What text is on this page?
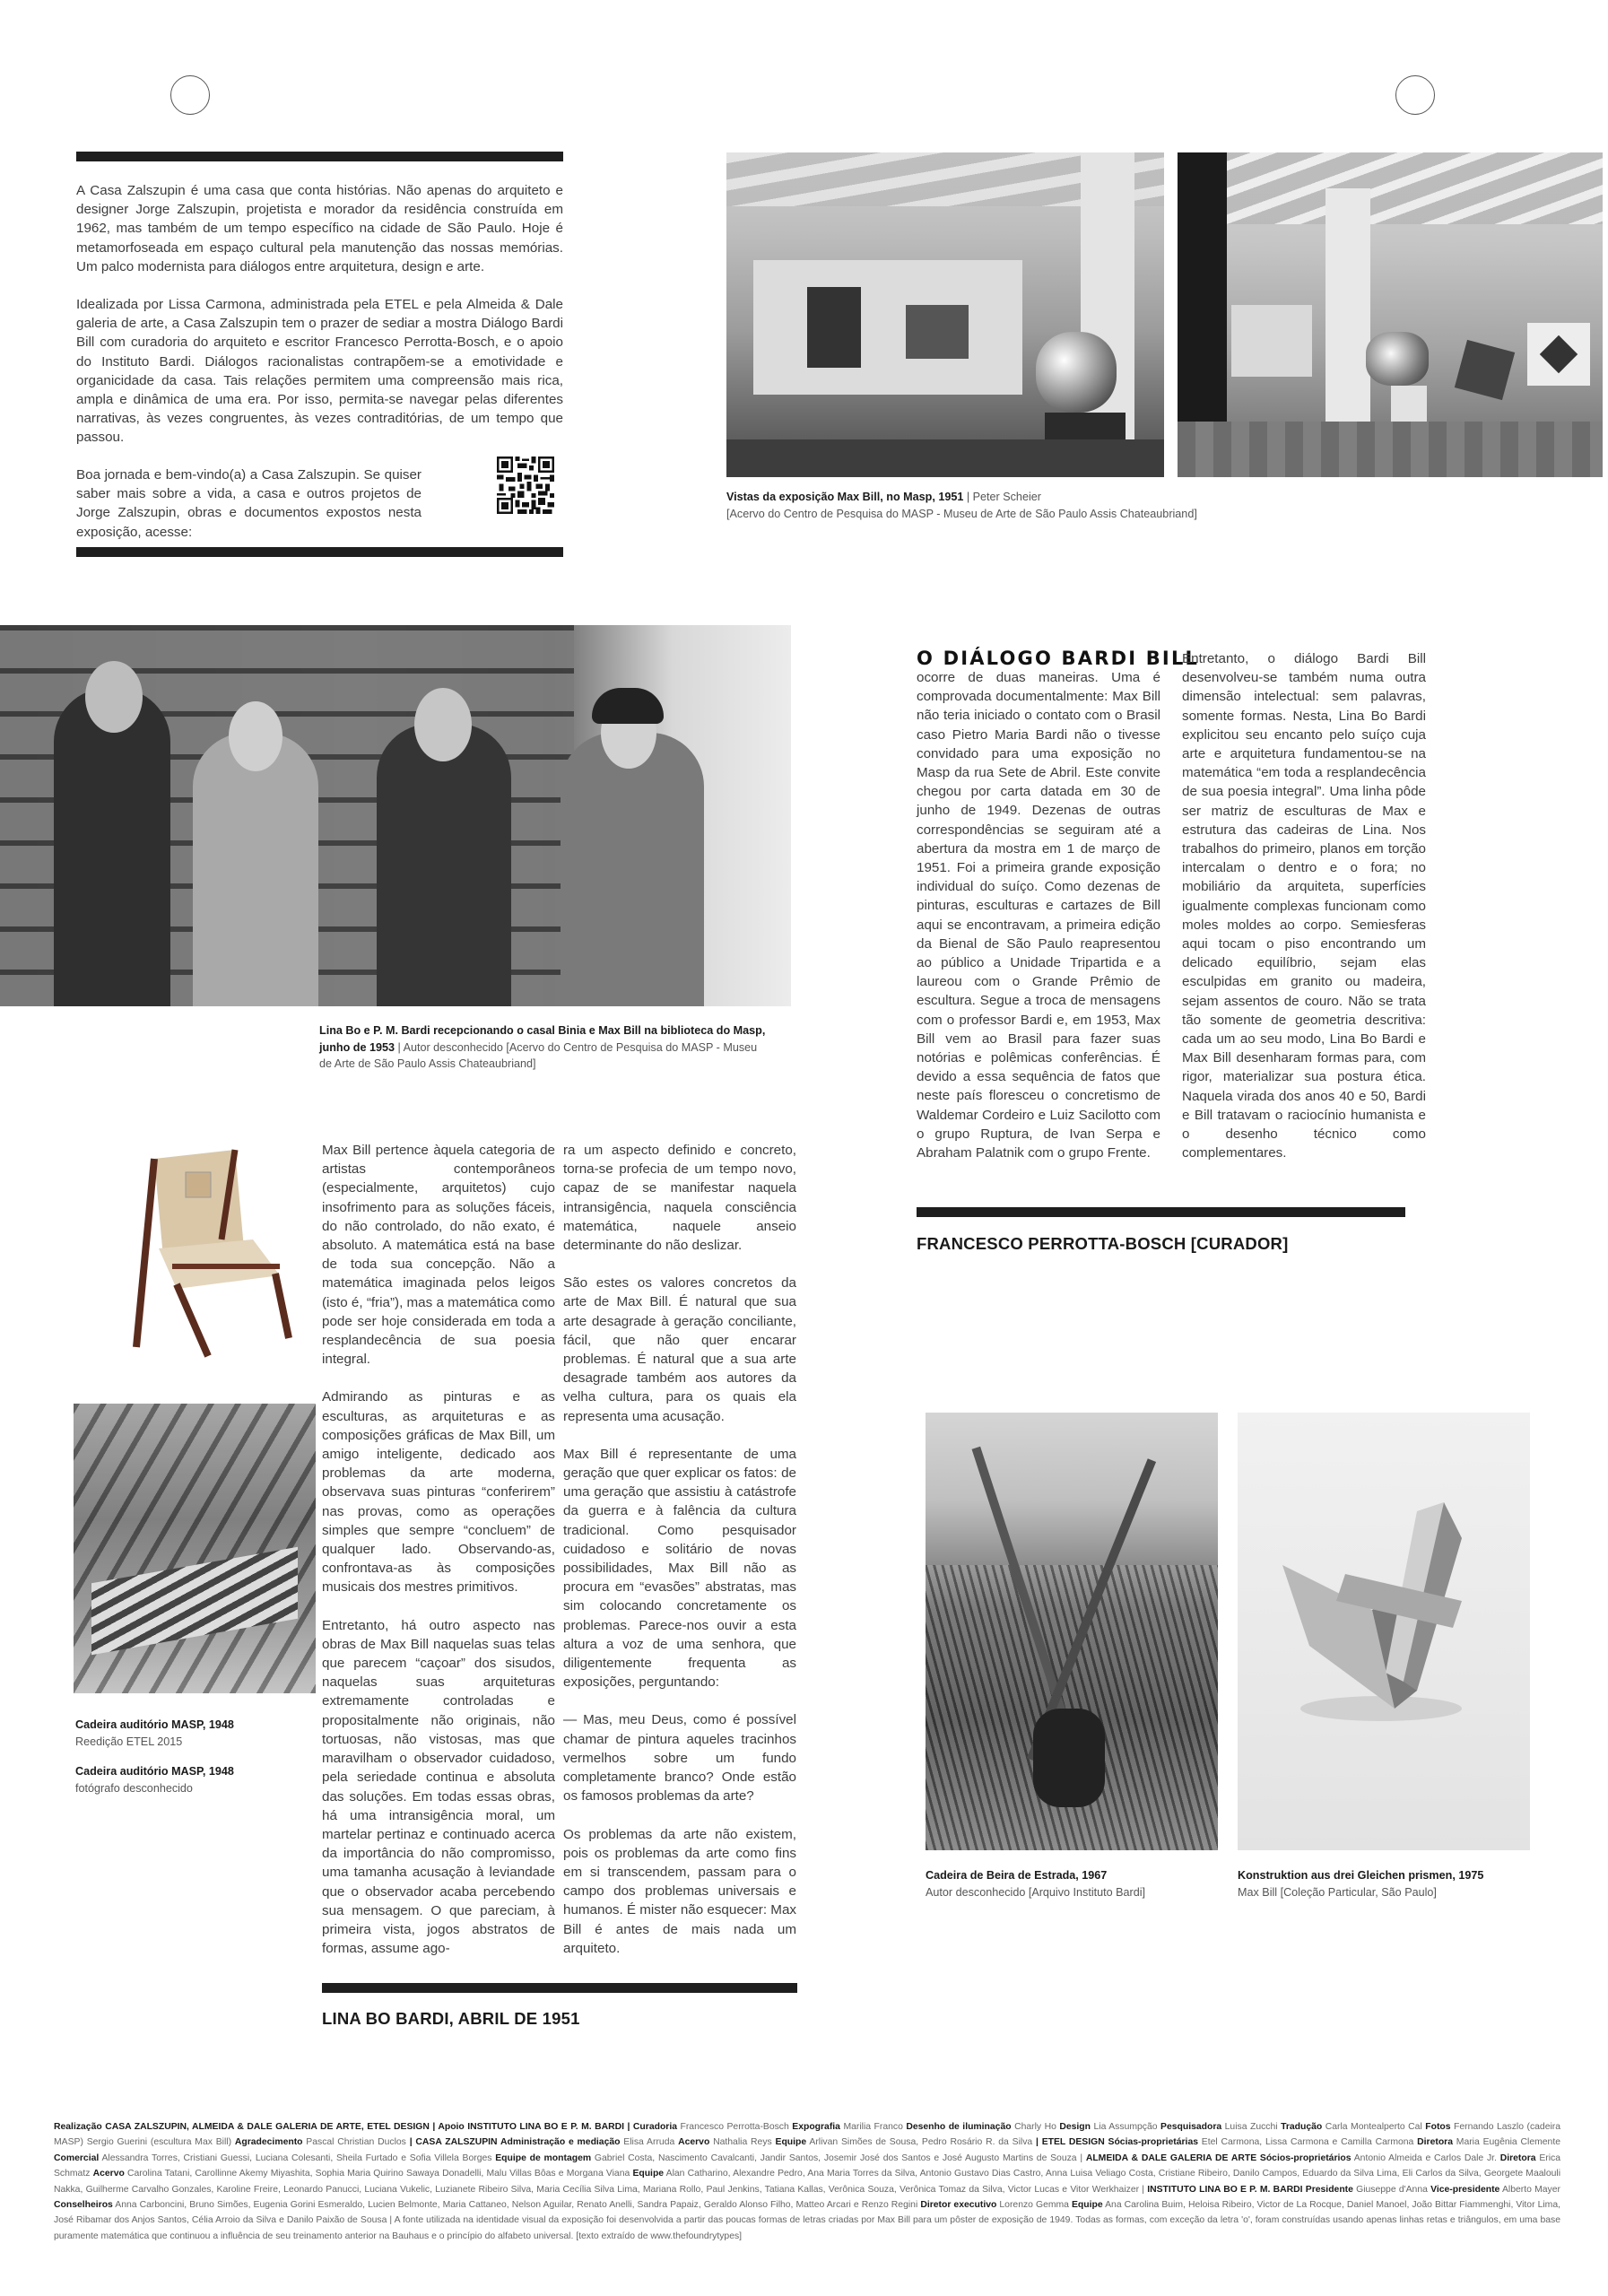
A Casa Zalszupin é uma casa que conta histórias. Não apenas do arquiteto e designer Jorge Zalszupin, projetista e morador da residência construída em 1962, mas também de um tempo específico na cidade de São Paulo. Hoje é metamorfoseada em espaço cultural pela manutenção das nossas memórias. Um palco modernista para diálogos entre arquitetura, design e arte.

Idealizada por Lissa Carmona, administrada pela ETEL e pela Almeida & Dale galeria de arte, a Casa Zalszupin tem o prazer de sediar a mostra Diálogo Bardi Bill com curadoria do arquiteto e escritor Francesco Perrotta-Bosch, e o apoio do Instituto Bardi. Diálogos racionalistas contrapõem-se a emotividade e organicidade da casa. Tais relações permitem uma compreensão mais rica, ampla e dinâmica de uma era. Por isso, permita-se navegar pelas diferentes narrativas, às vezes congruentes, às vezes contraditórias, de um tempo que passou.

Boa jornada e bem-vindo(a) a Casa Zalszupin. Se quiser saber mais sobre a vida, a casa e outros projetos de Jorge Zalszupin, obras e documentos expostos nesta exposição, acesse:
Vistas da exposição Max Bill, no Masp, 1951 | Peter Scheier
[Acervo do Centro de Pesquisa do MASP - Museu de Arte de São Paulo Assis Chateaubriand]
Lina Bo e P. M. Bardi recepcionando o casal Binia e Max Bill na biblioteca do Masp, junho de 1953 | Autor desconhecido [Acervo do Centro de Pesquisa do MASP - Museu de Arte de São Paulo Assis Chateaubriand]
O DIÁLOGO BARDI BILL
ocorre de duas maneiras. Uma é comprovada documentalmente: Max Bill não teria iniciado o contato com o Brasil caso Pietro Maria Bardi não o tivesse convidado para uma exposição no Masp da rua Sete de Abril. Este convite chegou por carta datada em 30 de junho de 1949. Dezenas de outras correspondências se seguiram até a abertura da mostra em 1 de março de 1951. Foi a primeira grande exposição individual do suíço. Como dezenas de pinturas, esculturas e cartazes de Bill aqui se encontravam, a primeira edição da Bienal de São Paulo reapresentou ao público a Unidade Tripartida e a laureou com o Grande Prêmio de escultura. Segue a troca de mensagens com o professor Bardi e, em 1953, Max Bill vem ao Brasil para fazer suas notórias e polêmicas conferências. É devido a essa sequência de fatos que neste país floresceu o concretismo de Waldemar Cordeiro e Luiz Sacilotto com o grupo Ruptura, de Ivan Serpa e Abraham Palatnik com o grupo Frente.
Entretanto, o diálogo Bardi Bill desenvolveu-se também numa outra dimensão intelectual: sem palavras, somente formas. Nesta, Lina Bo Bardi explicitou seu encanto pelo suíço cuja arte e arquitetura fundamentou-se na matemática “em toda a resplandecência de sua poesia integral”. Uma linha pôde ser matriz de esculturas de Max e estrutura das cadeiras de Lina. Nos trabalhos do primeiro, planos em torção intercalam o dentro e o fora; no mobiliário da arquiteta, superfícies igualmente complexas funcionam como moles moldes ao corpo. Semiesferas aqui tocam o piso encontrando um delicado equilíbrio, sejam elas esculpidas em granito ou madeira, sejam assentos de couro. Não se trata tão somente de geometria descritiva: cada um ao seu modo, Lina Bo Bardi e Max Bill desenharam formas para, com rigor, materializar sua postura ética. Naquela virada dos anos 40 e 50, Bardi e Bill tratavam o raciocínio humanista e o desenho técnico como complementares.
FRANCESCO PERROTTA-BOSCH [CURADOR]
Cadeira auditório MASP, 1948
Reedição ETEL 2015
Cadeira auditório MASP, 1948
fotógrafo desconhecido

Max Bill pertence àquela categoria de artistas contemporâneos (especialmente, arquitetos) cujo insofrimento para as soluções fáceis, do não controlado, do não exato, é absoluto. A matemática está na base de toda sua concepção. Não a matemática imaginada pelos leigos (isto é, “fria”), mas a matemática como pode ser hoje considerada em toda a resplandecência de sua poesia integral.

Admirando as pinturas e as esculturas, as arquiteturas e as composições gráficas de Max Bill, um amigo inteligente, dedicado aos problemas da arte moderna, observava suas pinturas “conferirem” nas provas, como as operações simples que sempre “concluem” de qualquer lado. Observando-as, confrontava-as às composições musicais dos mestres primitivos.

Entretanto, há outro aspecto nas obras de Max Bill naquelas suas telas que parecem “caçoar” dos sisudos, naquelas suas arquiteturas extremamente controladas e propositalmente não originais, não tortuosas, não vistosas, mas que maravilham o observador cuidadoso, pela seriedade continua e absoluta das soluções. Em todas essas obras, há uma intransigência moral, um martelar pertinaz e continuado acerca da importância do não compromisso, uma tamanha acusação à leviandade que o observador acaba percebendo sua mensagem. O que pareciam, à primeira vista, jogos abstratos de formas, assume ago-

ra um aspecto definido e concreto, torna-se profecia de um tempo novo, capaz de se manifestar naquela intransigência, naquela consciência matemática, naquele anseio determinante do não deslizar.

São estes os valores concretos da arte de Max Bill. É natural que sua arte desagrade à geração conciliante, fácil, que não quer encarar problemas. É natural que a sua arte desagrade também aos autores da velha cultura, para os quais ela representa uma acusação.

Max Bill é representante de uma geração que quer explicar os fatos: de uma geração que assistiu à catástrofe da guerra e à falência da cultura tradicional. Como pesquisador cuidadoso e solitário de novas possibilidades, Max Bill não as procura em “evasões” abstratas, mas sim colocando concretamente os problemas. Parece-nos ouvir a esta altura a voz de uma senhora, que diligentemente frequenta as exposições, perguntando:

— Mas, meu Deus, como é possível chamar de pintura aqueles tracinhos vermelhos sobre um fundo completamente branco? Onde estão os famosos problemas da arte?

Os problemas da arte não existem, pois os problemas da arte como fins em si transcendem, passam para o campo dos problemas universais e humanos. É mister não esquecer: Max Bill é antes de mais nada um arquiteto.

LINA BO BARDI, ABRIL DE 1951
Cadeira de Beira de Estrada, 1967
Autor desconhecido [Arquivo Instituto Bardi]
Konstruktion aus drei Gleichen prismen, 1975
Max Bill [Coleção Particular, São Paulo]
Realização CASA ZALSZUPIN, ALMEIDA & DALE GALERIA DE ARTE, ETEL DESIGN | Apoio INSTITUTO LINA BO E P. M. BARDI | Curadoria Francesco Perrotta-Bosch Expografia Marilia Franco Desenho de iluminação Charly Ho Design Lia Assumpção Pesquisadora Luisa Zucchi Tradução Carla Montealperto Cal Fotos Fernando Laszlo (cadeira MASP) Sergio Guerini (escultura Max Bill) Agradecimento Pascal Christian Duclos | CASA ZALSZUPIN Administração e mediação Elisa Arruda Acervo Nathalia Reys Equipe Arlivan Simões de Sousa, Pedro Rosário R. da Silva | ETEL DESIGN Sócias-proprietárias Etel Carmona, Lissa Carmona e Camilla Carmona Diretora Maria Eugênia Clemente Comercial Alessandra Torres, Cristiani Guessi, Luciana Colesanti, Sheila Furtado e Sofia Villela Borges Equipe de montagem Gabriel Costa, Nascimento Cavalcanti, Jandir Santos, Josemir José dos Santos e José Augusto Martins de Souza | ALMEIDA & DALE GALERIA DE ARTE Sócios-proprietários Antonio Almeida e Carlos Dale Jr. Diretora Erica Schmatz Acervo Carolina Tatani, Carollinne Akemy Miyashita, Sophia Maria Quirino Sawaya Donadelli, Malu Villas Bôas e Morgana Viana Equipe Alan Catharino, Alexandre Pedro, Ana Maria Torres da Silva, Antonio Gustavo Dias Castro, Anna Luisa Veliago Costa, Cristiane Ribeiro, Danilo Campos, Eduardo da Silva Lima, Eli Carlos da Silva, Georgete Maalouli Nakka, Guilherme Carvalho Gonzales, Karoline Freire, Leonardo Panucci, Luciana Vukelic, Luzianete Ribeiro Silva, Maria Cecília Silva Lima, Mariana Rollo, Paul Jenkins, Tatiana Kallas, Verônica Souza, Verônica Tomaz da Silva, Victor Lucas e Vitor Werkhaizer | INSTITUTO LINA BO E P. M. BARDI Presidente Giuseppe d'Anna Vice-presidente Alberto Mayer Conselheiros Anna Carboncini, Bruno Simões, Eugenia Gorini Esmeraldo, Lucien Belmonte, Maria Cattaneo, Nelson Aguilar, Renato Anelli, Sandra Papaiz, Geraldo Alonso Filho, Matteo Arcari e Renzo Regini Diretor executivo Lorenzo Gemma Equipe Ana Carolina Buim, Heloisa Ribeiro, Victor de La Rocque, Daniel Manoel, João Bittar Fiammenghi, Vitor Lima, José Ribamar dos Anjos Santos, Célia Arroio da Silva e Danilo Paixão de Sousa | A fonte utilizada na identidade visual da exposição foi desenvolvida a partir das poucas formas de letras criadas por Max Bill para um pôster de exposição de 1949. Todas as formas, com exceção da letra 'o', foram construídas usando apenas linhas retas e triângulos, em uma base puramente matemática que continuou a influência de seu treinamento anterior na Bauhaus e o princípio do alfabeto universal. [texto extraído de www.thefoundrytypes]
